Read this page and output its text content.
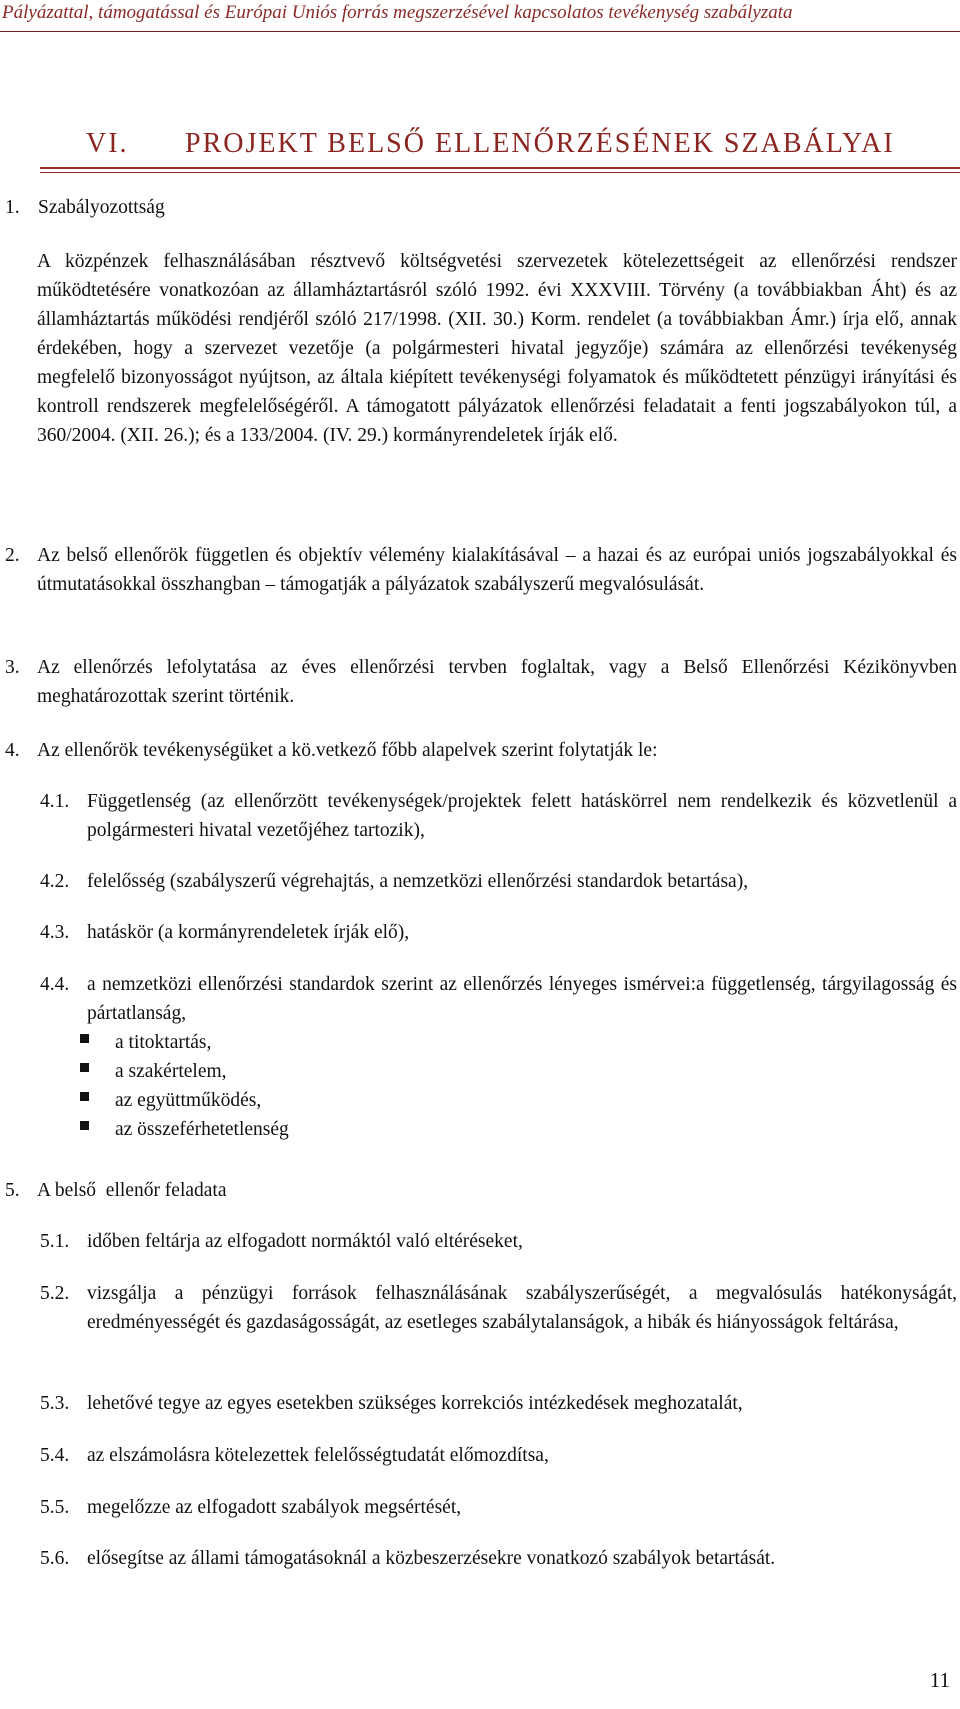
Pályázattal, támogatással és Európai Uniós forrás megszerzésével kapcsolatos tevékenység szabályzata
VI. PROJEKT BELSŐ ELLENŐRZÉSÉNEK SZABÁLYAI
1. Szabályozottság
A közpénzek felhasználásában résztvevő költségvetési szervezetek kötelezettségeit az ellenőrzési rendszer működtetésére vonatkozóan az államháztartásról szóló 1992. évi XXXVIII. Törvény (a továbbiakban Áht) és az államháztartás működési rendjéről szóló 217/1998. (XII. 30.) Korm. rendelet (a továbbiakban Ámr.) írja elő, annak érdekében, hogy a szervezet vezetője (a polgármesteri hivatal jegyzője) számára az ellenőrzési tevékenység megfelelő bizonyosságot nyújtson, az általa kiépített tevékenységi folyamatok és működtetett pénzügyi irányítási és kontroll rendszerek megfelelőségéről. A támogatott pályázatok ellenőrzési feladatait a fenti jogszabályokon túl, a 360/2004. (XII. 26.); és a 133/2004. (IV. 29.) kormányrendeletek írják elő.
2. Az belső ellenőrök független és objektív vélemény kialakításával – a hazai és az európai uniós jogszabályokkal és útmutatásokkal összhangban – támogatják a pályázatok szabályszerű megvalósulását.
3. Az ellenőrzés lefolytatása az éves ellenőrzési tervben foglaltak, vagy a Belső Ellenőrzési Kézikönyvben meghatározottak szerint történik.
4. Az ellenőrök tevékenységüket a kö.vetkező főbb alapelvek szerint folytatják le:
4.1. Függetlenség (az ellenőrzött tevékenységek/projektek felett hatáskörrel nem rendelkezik és közvetlenül a polgármesteri hivatal vezetőjéhez tartozik),
4.2. felelősség (szabályszerű végrehajtás, a nemzetközi ellenőrzési standardok betartása),
4.3. hatáskör (a kormányrendeletek írják elő),
4.4. a nemzetközi ellenőrzési standardok szerint az ellenőrzés lényeges ismérvei:a függetlenség, tárgyilagosság és pártatlanság,
a titoktartás,
a szakértelem,
az együttműködés,
az összeférhetetlenség
5. A belső  ellenőr feladata
5.1. időben feltárja az elfogadott normáktól való eltéréseket,
5.2. vizsgálja a pénzügyi források felhasználásának szabályszerűségét, a megvalósulás hatékonyságát, eredményességét és gazdaságosságát, az esetleges szabálytalanságok, a hibák és hiányosságok feltárása,
5.3. lehetővé tegye az egyes esetekben szükséges korrekciós intézkedések meghozatalát,
5.4. az elszámolásra kötelezettek felelősségtudatát előmozdítsa,
5.5. megelőzze az elfogadott szabályok megsértését,
5.6. elősegítse az állami támogatásoknál a közbeszerzésekre vonatkozó szabályok betartását.
11
